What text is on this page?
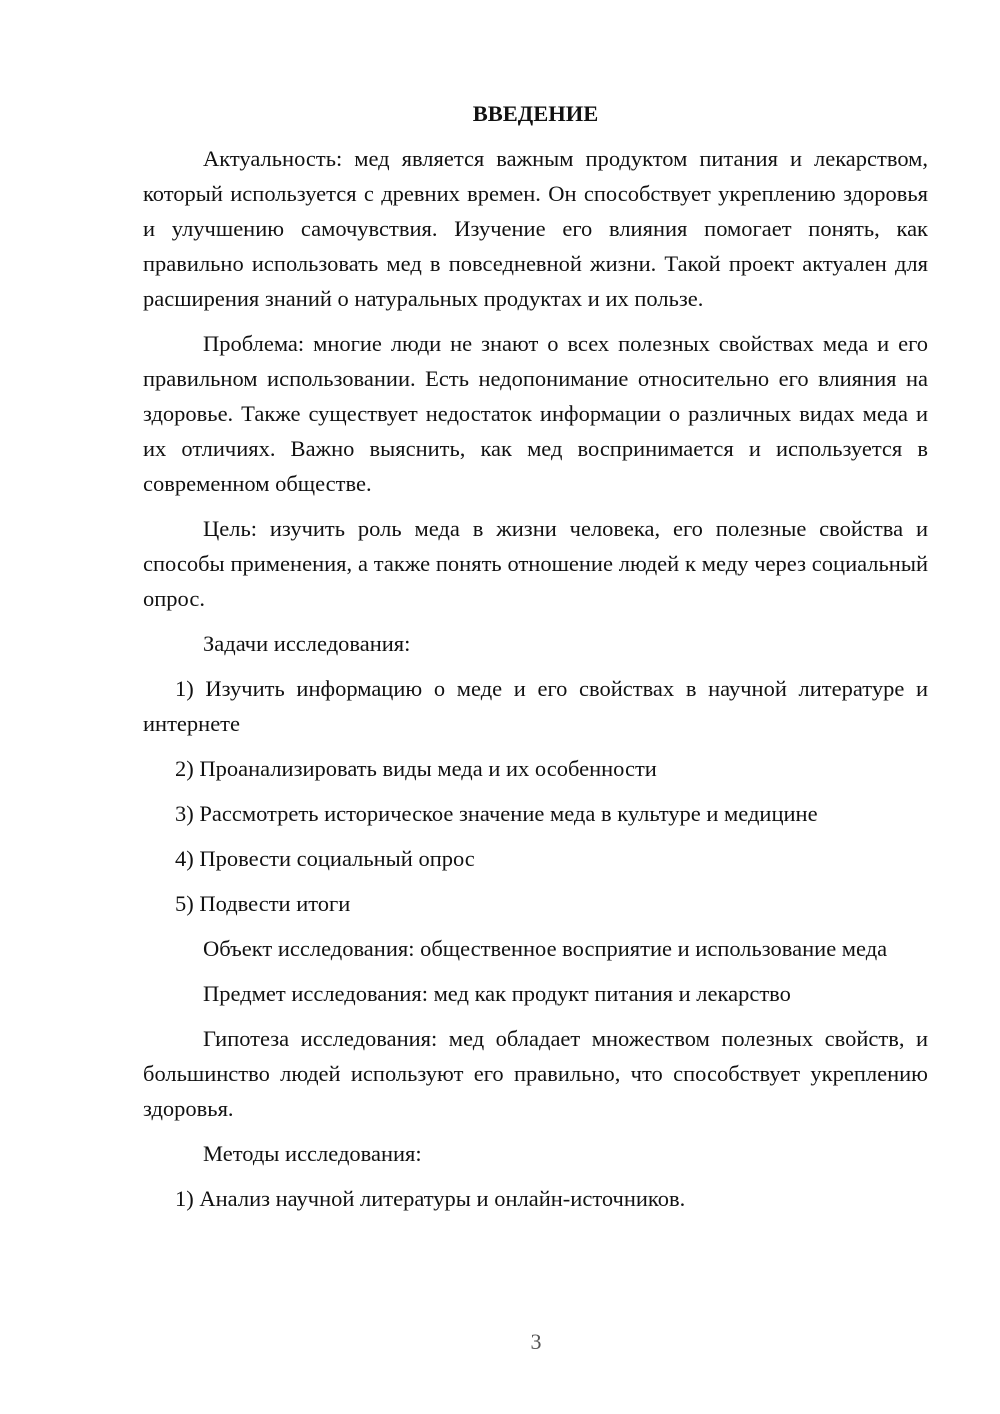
ВВЕДЕНИЕ

Актуальность: мед является важным продуктом питания и лекарством, который используется с древних времен. Он способствует укреплению здоровья и улучшению самочувствия. Изучение его влияния помогает понять, как правильно использовать мед в повседневной жизни. Такой проект актуален для расширения знаний о натуральных продуктах и их пользе.

Проблема: многие люди не знают о всех полезных свойствах меда и его правильном использовании. Есть недопонимание относительно его влияния на здоровье. Также существует недостаток информации о различных видах меда и их отличиях. Важно выяснить, как мед воспринимается и используется в современном обществе.

Цель: изучить роль меда в жизни человека, его полезные свойства и способы применения, а также понять отношение людей к меду через социальный опрос.

Задачи исследования:

1) Изучить информацию о меде и его свойствах в научной литературе и интернете

2) Проанализировать виды меда и их особенности

3) Рассмотреть историческое значение меда в культуре и медицине

4) Провести социальный опрос

5) Подвести итоги

Объект исследования: общественное восприятие и использование меда

Предмет исследования: мед как продукт питания и лекарство

Гипотеза исследования: мед обладает множеством полезных свойств, и большинство людей используют его правильно, что способствует укреплению здоровья.

Методы исследования:

1) Анализ научной литературы и онлайн-источников.

3
